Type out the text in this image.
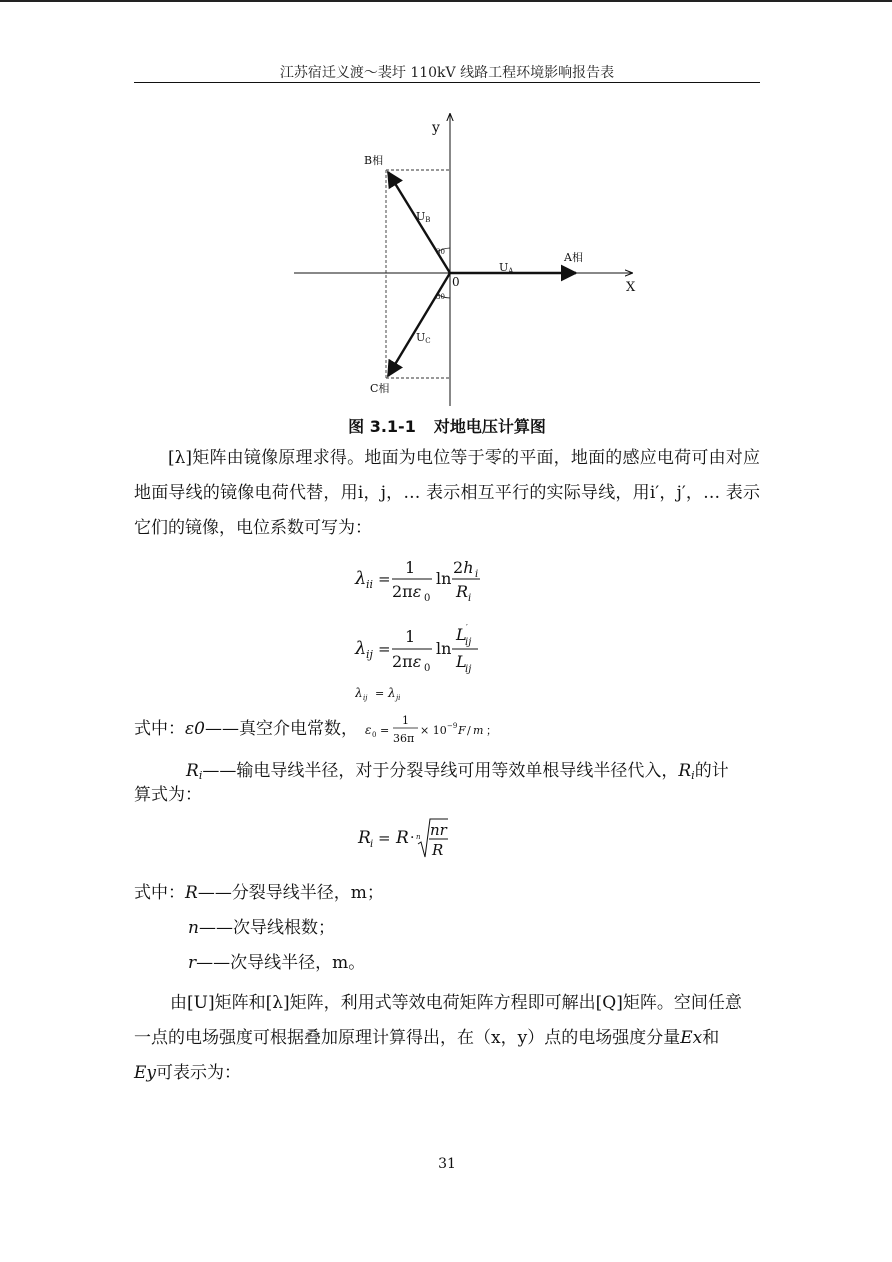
江苏宿迁义渡～裴圩 110kV 线路工程环境影响报告表
y
X
0
B相
A相
C相
30
30
UB
UA
UC
图 3.1-1 对地电压计算图
[λ]矩阵由镜像原理求得。地面为电位等于零的平面，地面的感应电荷可由对应地面导线的镜像电荷代替，用i，j，… 表示相互平行的实际导线，用i′，j′，… 表示它们的镜像，电位系数可写为：
λ ii =
1
2πε 0
ln
2h i
R i
λ ij =
1
2πε 0
ln
L ′
ij
L
ij
λ ij = λ ji
式中：ε0——真空介电常数， ε 0 =
1
36π
× 10 −9 F / m ；
$R_i——$输电导线半径，对于分裂导线可用等效单根导线半径代入，$R_i$的计
算式为：
R i = R · n nr
R
式中：R——分裂导线半径，m；
n——次导线根数；
r——次导线半径，m。
由[U]矩阵和[λ]矩阵，利用式等效电荷矩阵方程即可解出[Q]矩阵。空间任意
一点的电场强度可根据叠加原理计算得出，在（x，y）点的电场强度分量Ex和
Ey可表示为：
31
